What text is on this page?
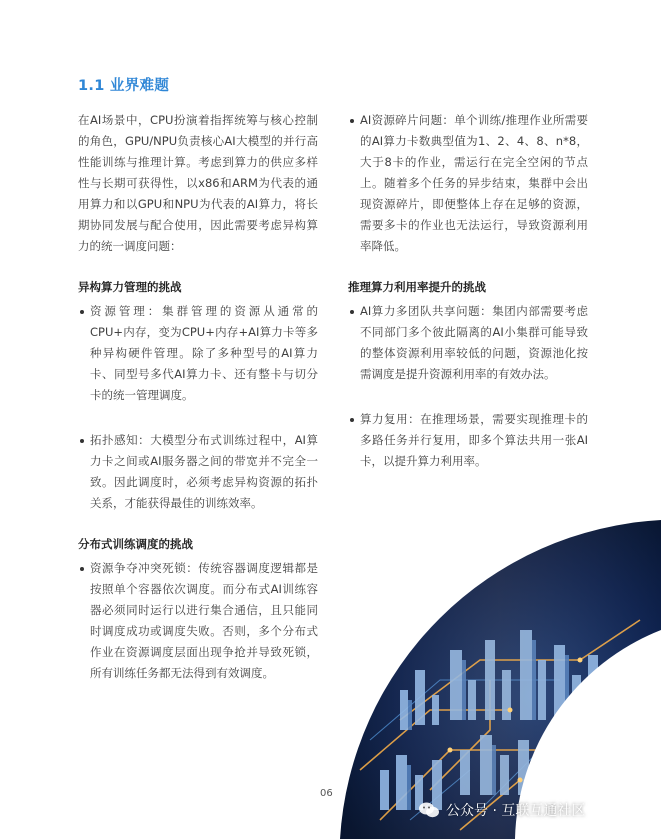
1.1 业界难题

在AI场景中，CPU扮演着指挥统筹与核心控制的角色，GPU/NPU负责核心AI大模型的并行高性能训练与推理计算。考虑到算力的供应多样性与长期可获得性，以x86和ARM为代表的通用算力和以GPU和NPU为代表的AI算力，将长期协同发展与配合使用，因此需要考虑异构算力的统一调度问题：

异构算力管理的挑战
资源管理：集群管理的资源从通常的CPU+内存，变为CPU+内存+AI算力卡等多种异构硬件管理。除了多种型号的AI算力卡、同型号多代AI算力卡、还有整卡与切分卡的统一管理调度。
拓扑感知：大模型分布式训练过程中，AI算力卡之间或AI服务器之间的带宽并不完全一致。因此调度时，必须考虑异构资源的拓扑关系，才能获得最佳的训练效率。
分布式训练调度的挑战
资源争夺冲突死锁：传统容器调度逻辑都是按照单个容器依次调度。而分布式AI训练容器必须同时运行以进行集合通信，且只能同时调度成功或调度失败。否则，多个分布式作业在资源调度层面出现争抢并导致死锁，所有训练任务都无法得到有效调度。
AI资源碎片问题：单个训练/推理作业所需要的AI算力卡数典型值为1、2、4、8、n*8，大于8卡的作业，需运行在完全空闲的节点上。随着多个任务的异步结束，集群中会出现资源碎片，即便整体上存在足够的资源，需要多卡的作业也无法运行，导致资源利用率降低。
推理算力利用率提升的挑战
AI算力多团队共享问题：集团内部需要考虑不同部门多个彼此隔离的AI小集群可能导致的整体资源利用率较低的问题，资源池化按需调度是提升资源利用率的有效办法。
算力复用：在推理场景，需要实现推理卡的多路任务并行复用，即多个算法共用一张AI卡，以提升算力利用率。
06
公众号 · 互联互通社区
